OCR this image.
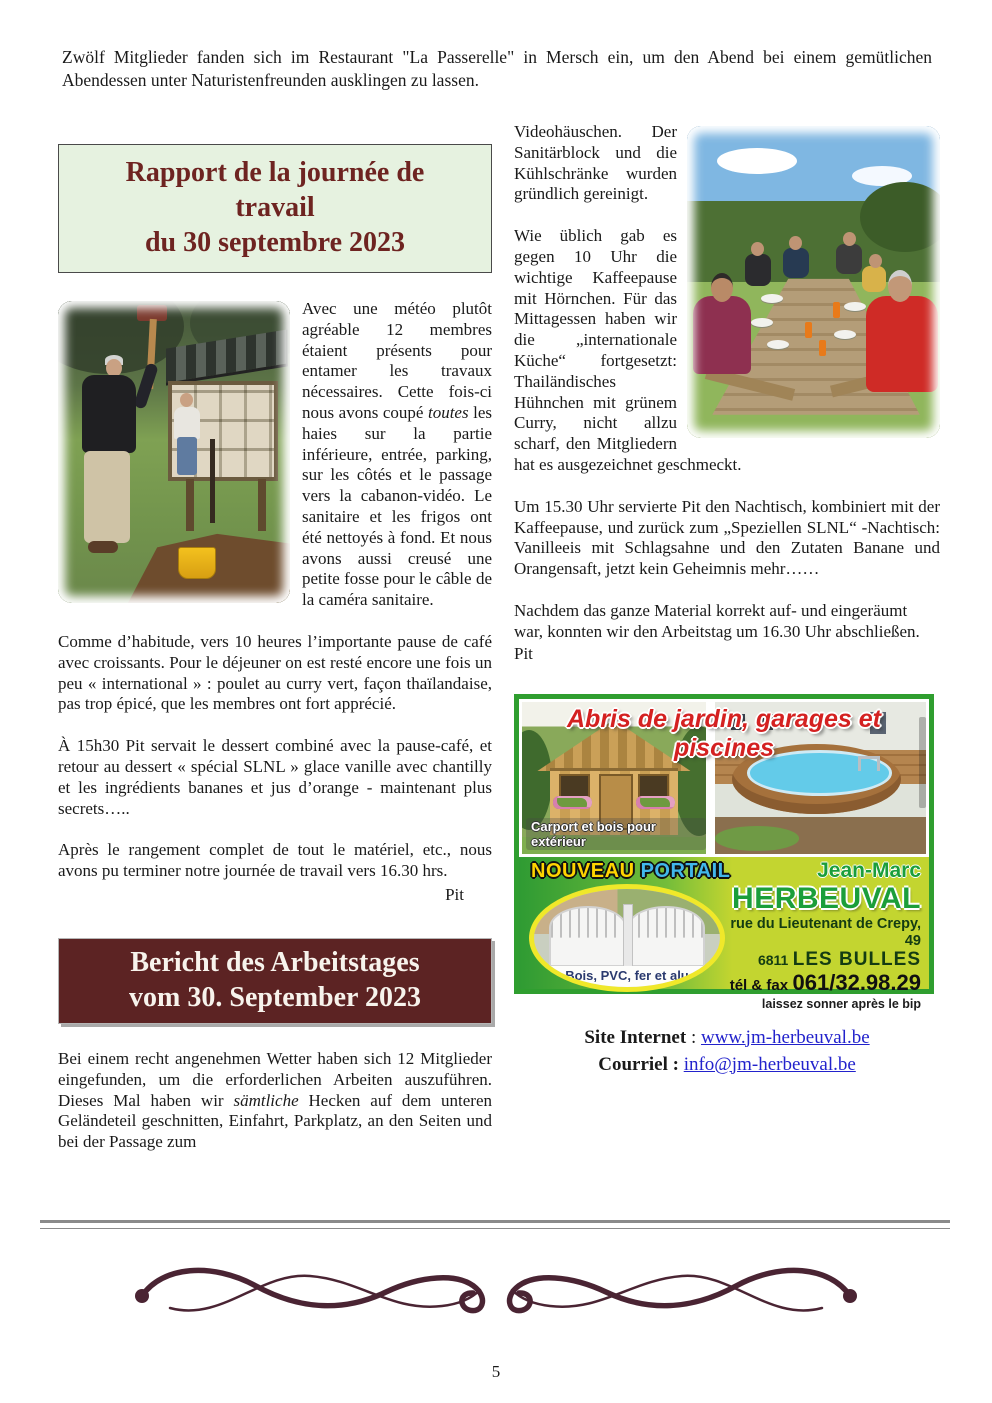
Zwölf Mitglieder fanden sich im Restaurant "La Passerelle" in Mersch ein, um den Abend bei einem gemütlichen Abendessen unter Naturistenfreunden ausklingen zu lassen.

Rapport de la journée de
travail
du 30 septembre 2023

Avec une météo plutôt agréable 12 membres étaient présents pour entamer les travaux nécessaires. Cette fois-ci nous avons coupé toutes les haies sur la partie inférieure, entrée, parking, sur les côtés et le passage vers la cabanon-vidéo. Le sanitaire et les frigos ont été nettoyés à fond. Et nous avons aussi creusé une petite fosse pour le câble de la caméra sanitaire.

Comme d’habitude, vers 10 heures l’importante pause de café avec croissants. Pour le déjeuner on est resté encore une fois un peu « international » : poulet au curry vert, façon thaïlandaise, pas trop épicé, que les membres ont fort apprécié.

À 15h30 Pit servait le dessert combiné avec la pause-café, et retour au dessert « spécial SLNL » glace vanille avec chantilly et les ingrédients bananes et jus d’orange - maintenant plus secrets…..

Après le rangement complet de tout le matériel, etc., nous avons pu terminer notre journée de travail vers 16.30 hrs.

Pit

Bericht des Arbeitstages
vom 30. September 2023

Bei einem recht angenehmen Wetter haben sich 12 Mitglieder eingefunden, um die erforderlichen Arbeiten auszuführen. Dieses Mal haben wir sämtliche Hecken auf dem unteren Geländeteil geschnitten, Einfahrt, Parkplatz, an den Seiten und bei der Passage zum

Videohäuschen. Der Sanitärblock und die Kühlschränke wurden gründlich gereinigt.

Wie üblich gab es gegen 10 Uhr die wichtige Kaffeepause mit Hörnchen. Für das Mittagessen haben wir die „internationale Küche“ fortgesetzt: Thailändisches Hühnchen mit grünem Curry, nicht allzu scharf, den Mitgliedern hat es ausgezeichnet geschmeckt.

Um 15.30 Uhr servierte Pit den Nachtisch, kombiniert mit der Kaffeepause, und zurück zum „Speziellen SLNL“ -Nachtisch: Vanilleeis mit Schlagsahne und den Zutaten Banane und Orangensaft, jetzt kein Geheimnis mehr……

Nachdem das ganze Material korrekt auf- und eingeräumt war, konnten wir den Arbeitstag um 16.30 Uhr abschließen.

Pit

Abris de jardin, garages et piscines
Carport et bois pour extérieur
NOUVEAU PORTAIL
Bois, PVC, fer et alu
Jean-Marc
HERBEUVAL
rue du Lieutenant de Crepy, 49
6811 LES BULLES
tél & fax 061/32.98.29
laissez sonner après le bip
Site Internet : www.jm-herbeuval.be
Courriel : info@jm-herbeuval.be
5
